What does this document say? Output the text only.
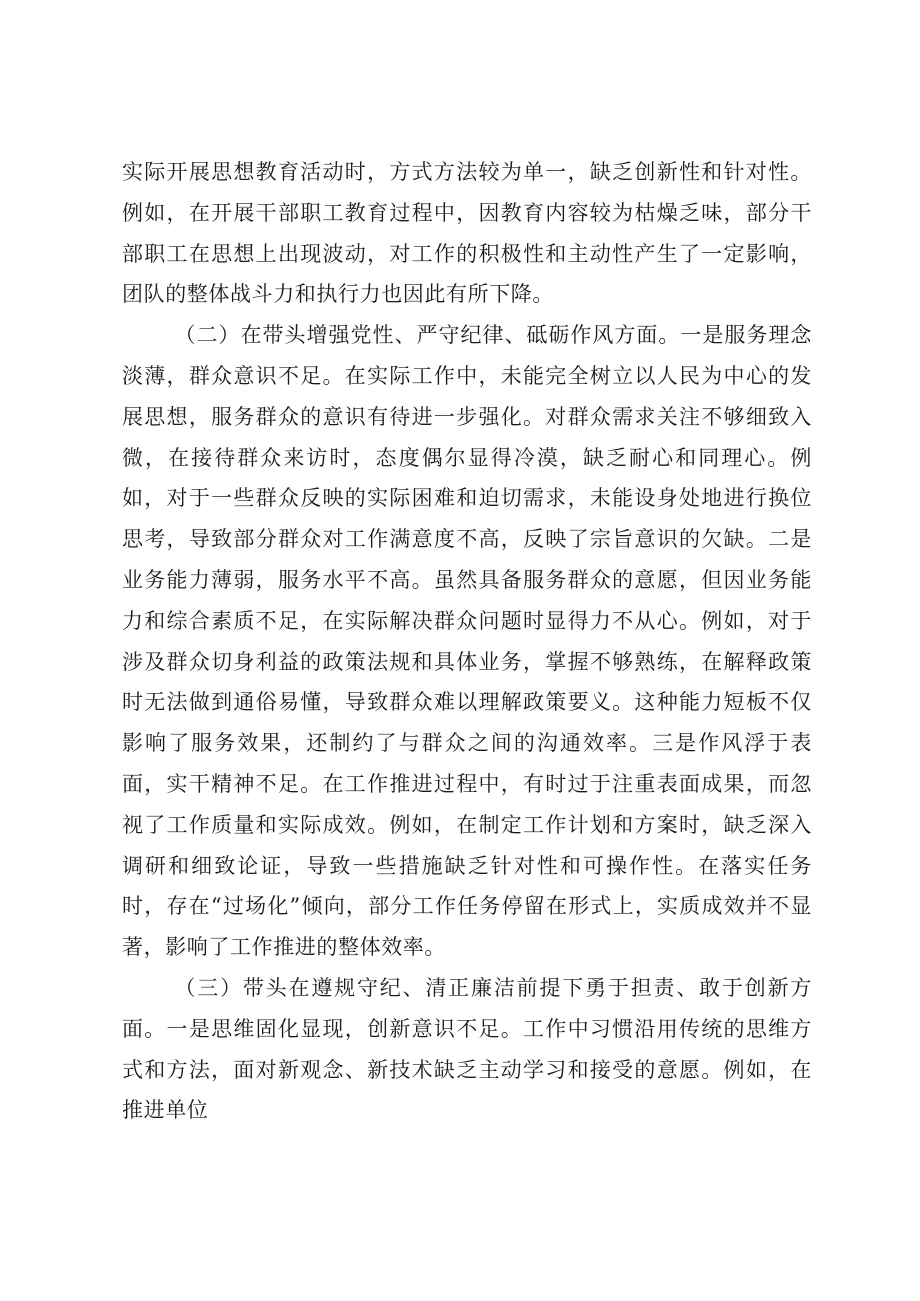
实际开展思想教育活动时，方式方法较为单一，缺乏创新性和针对性。例如，在开展干部职工教育过程中，因教育内容较为枯燥乏味，部分干部职工在思想上出现波动，对工作的积极性和主动性产生了一定影响，团队的整体战斗力和执行力也因此有所下降。

（二）在带头增强党性、严守纪律、砥砺作风方面。一是服务理念淡薄，群众意识不足。在实际工作中，未能完全树立以人民为中心的发展思想，服务群众的意识有待进一步强化。对群众需求关注不够细致入微，在接待群众来访时，态度偶尔显得冷漠，缺乏耐心和同理心。例如，对于一些群众反映的实际困难和迫切需求，未能设身处地进行换位思考，导致部分群众对工作满意度不高，反映了宗旨意识的欠缺。二是业务能力薄弱，服务水平不高。虽然具备服务群众的意愿，但因业务能力和综合素质不足，在实际解决群众问题时显得力不从心。例如，对于涉及群众切身利益的政策法规和具体业务，掌握不够熟练，在解释政策时无法做到通俗易懂，导致群众难以理解政策要义。这种能力短板不仅影响了服务效果，还制约了与群众之间的沟通效率。三是作风浮于表面，实干精神不足。在工作推进过程中，有时过于注重表面成果，而忽视了工作质量和实际成效。例如，在制定工作计划和方案时，缺乏深入调研和细致论证，导致一些措施缺乏针对性和可操作性。在落实任务时，存在“过场化”倾向，部分工作任务停留在形式上，实质成效并不显著，影响了工作推进的整体效率。

（三）带头在遵规守纪、清正廉洁前提下勇于担责、敢于创新方面。一是思维固化显现，创新意识不足。工作中习惯沿用传统的思维方式和方法，面对新观念、新技术缺乏主动学习和接受的意愿。例如，在推进单位
